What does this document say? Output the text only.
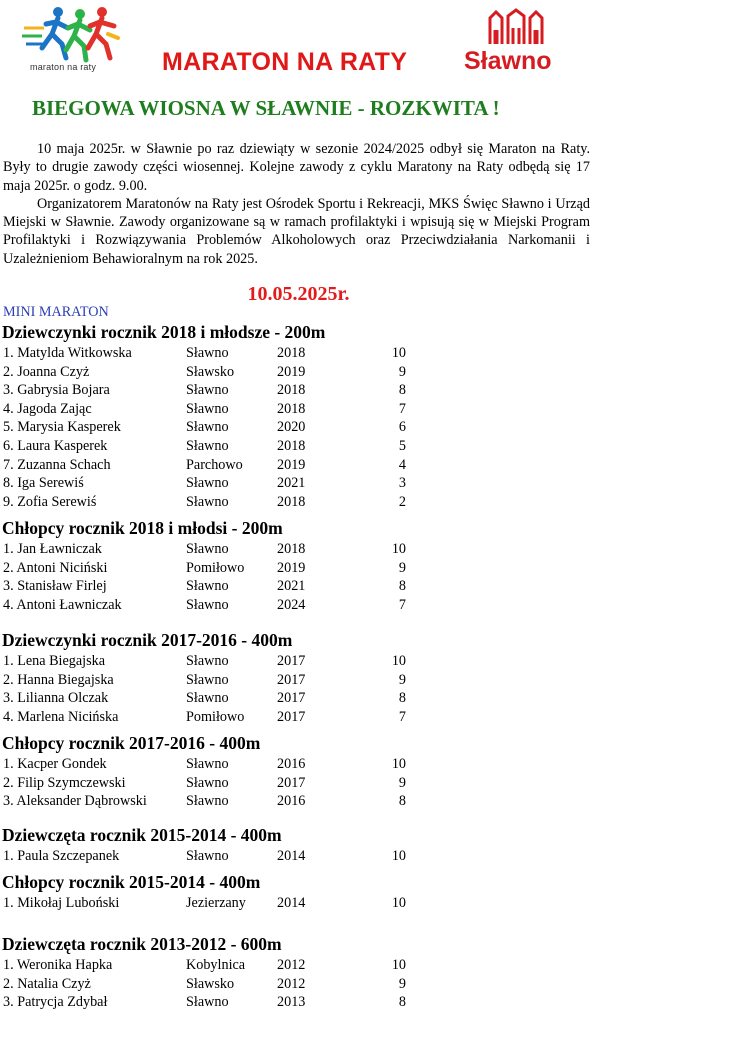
maraton na raty	MARATON NA RATY Sławno
BIEGOWA WIOSNA W SŁAWNIE - ROZKWITA !

10 maja 2025r. w Sławnie po raz dziewiąty w sezonie 2024/2025 odbył się Maraton na Raty. Były to drugie zawody części wiosennej. Kolejne zawody z cyklu Maratony na Raty odbędą się 17 maja 2025r. o godz. 9.00.

Organizatorem Maratonów na Raty jest Ośrodek Sportu i Rekreacji, MKS Święc Sławno i Urząd Miejski w Sławnie. Zawody organizowane są w ramach profilaktyki i wpisują się w Miejski Program Profilaktyki i Rozwiązywania Problemów Alkoholowych oraz Przeciwdziałania Narkomanii i Uzależnieniom Behawioralnym na rok 2025.

10.05.2025r.
MINI MARATON
Dziewczynki rocznik 2018 i młodsze - 200m
1. Matylda Witkowska	Sławno	2018	10
2. Joanna Czyż	Sławsko	2019	9
3. Gabrysia Bojara	Sławno	2018	8
4. Jagoda Zając	Sławno	2018	7
5. Marysia Kasperek	Sławno	2020	6
6. Laura Kasperek	Sławno	2018	5
7. Zuzanna Schach	Parchowo 2019	4
8. Iga Serewiś	Sławno	2021	3
9. Zofia Serewiś	Sławno	2018	2
Chłopcy rocznik 2018 i młodsi - 200m
1. Jan Ławniczak	Sławno	2018	10
2. Antoni Niciński	Pomiłowo 2019	9
3. Stanisław Firlej	Sławno	2021	8
4. Antoni Ławniczak	Sławno	2024	7
Dziewczynki rocznik 2017-2016 - 400m
1. Lena Biegajska	Sławno	2017	10
2. Hanna Biegajska	Sławno	2017	9
3. Lilianna Olczak	Sławno	2017	8
4. Marlena Nicińska	Pomiłowo 2017	7
Chłopcy rocznik 2017-2016 - 400m
1. Kacper Gondek	Sławno	2016	10
2. Filip Szymczewski	Sławno	2017	9
3. Aleksander Dąbrowski	Sławno	2016	8
Dziewczęta rocznik 2015-2014 - 400m
1. Paula Szczepanek	Sławno	2014	10
Chłopcy rocznik 2015-2014 - 400m
1. Mikołaj Luboński	Jezierzany 2014	10
Dziewczęta rocznik 2013-2012 - 600m
1. Weronika Hapka	Kobylnica 2012	10
2. Natalia Czyż	Sławsko	2012	9
3. Patrycja Zdybał	Sławno	2013	8
